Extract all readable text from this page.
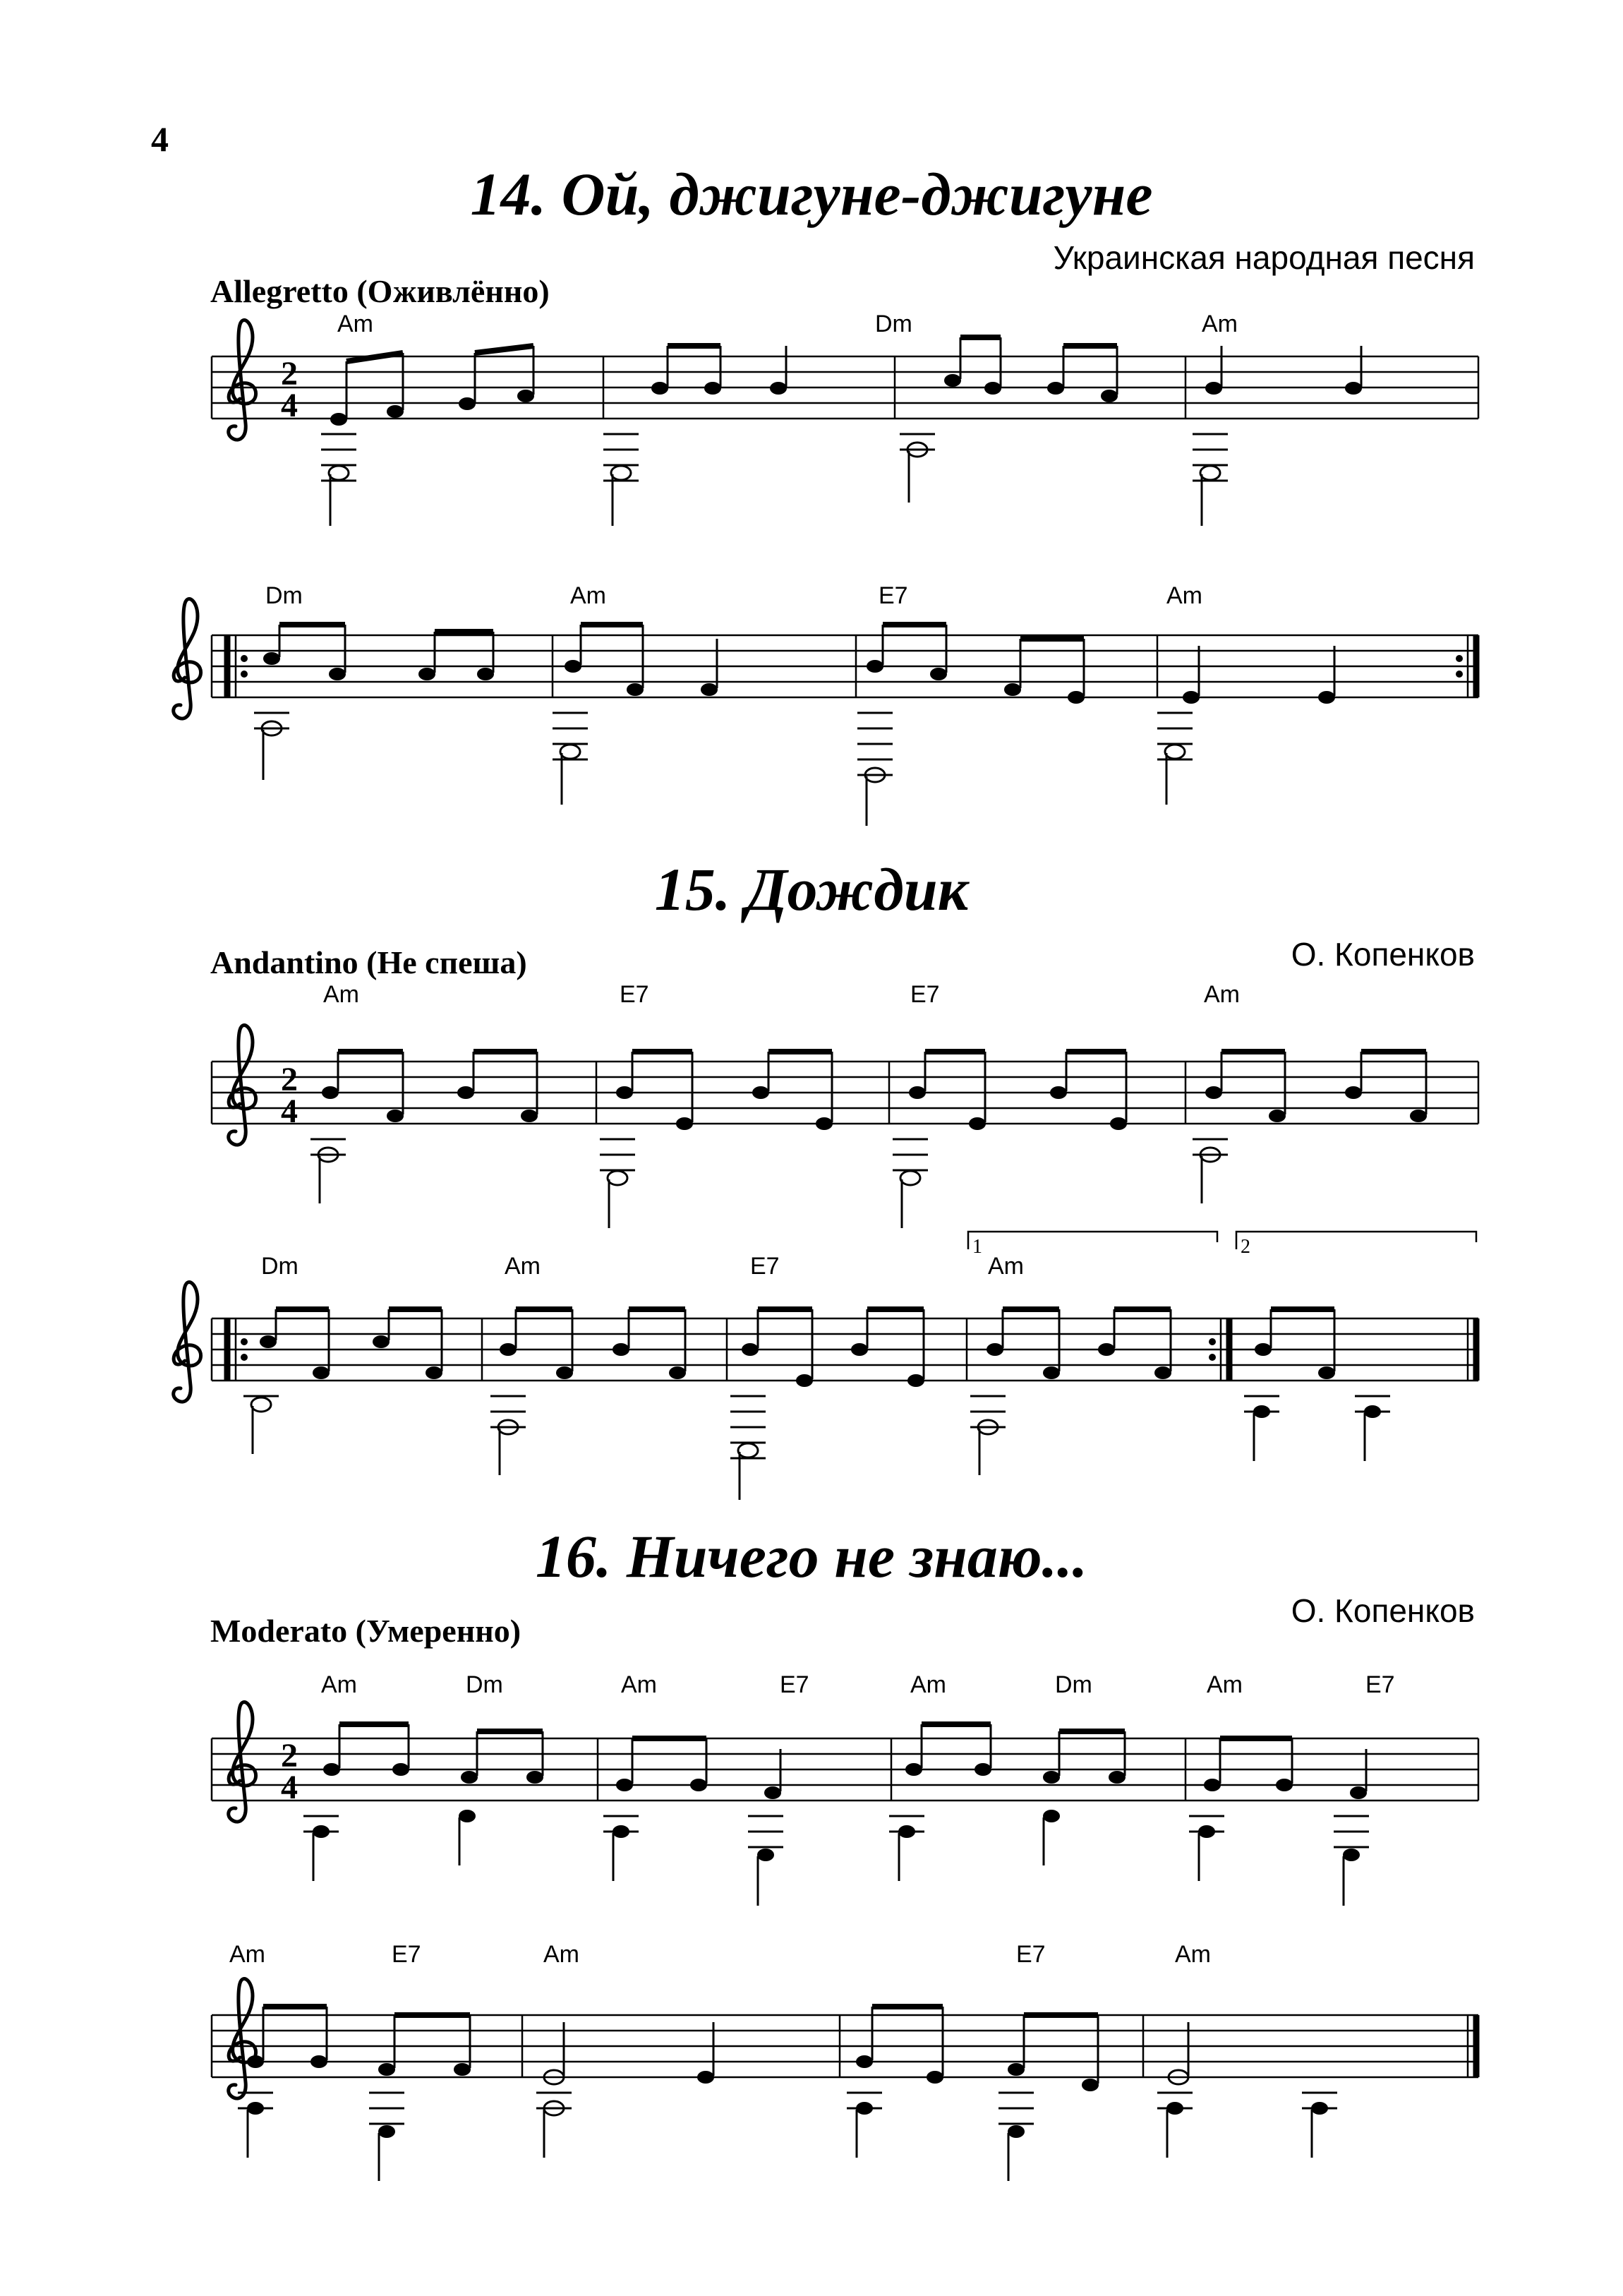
4
14. Ой, джигуне-джигуне
Украинская народная песня
Allegretto (Оживлённо)
15. Дождик
О. Копенков
Andantino (Не спеша)
16. Ничего не знаю...
О. Копенков
Moderato (Умеренно)
2
4
Am	Dm	Am
Dm	Am	E7	Am
2
4
Am	E7	E7	Am
1	2
Dm	Am	E7	Am
2
4
Am	Dm	Am	E7	Am	Dm	Am	E7
Am	E7	Am	E7	Am
